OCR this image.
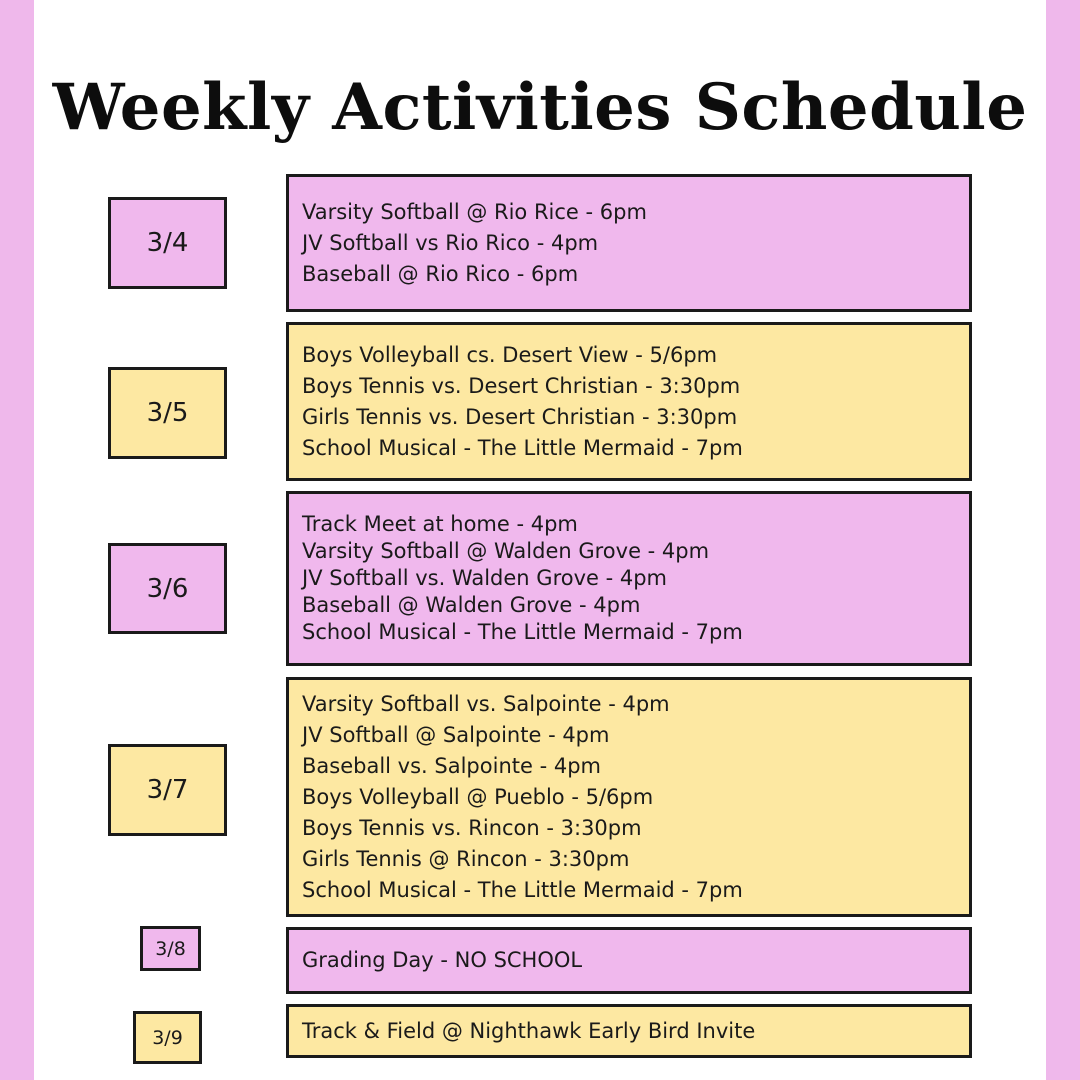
Weekly Activities Schedule
3/4
Varsity Softball @ Rio Rice - 6pm
JV Softball vs Rio Rico - 4pm
Baseball @ Rio Rico - 6pm
3/5
Boys Volleyball cs. Desert View - 5/6pm
Boys Tennis vs. Desert Christian - 3:30pm
Girls Tennis vs. Desert Christian - 3:30pm
School Musical - The Little Mermaid - 7pm
3/6
Track Meet at home - 4pm
Varsity Softball @ Walden Grove - 4pm
JV Softball vs. Walden Grove - 4pm
Baseball @ Walden Grove - 4pm
School Musical - The Little Mermaid - 7pm
3/7
Varsity Softball vs. Salpointe - 4pm
JV Softball @ Salpointe - 4pm
Baseball vs. Salpointe - 4pm
Boys Volleyball @ Pueblo - 5/6pm
Boys Tennis vs. Rincon - 3:30pm
Girls Tennis @ Rincon - 3:30pm
School Musical - The Little Mermaid - 7pm
3/8	Grading Day - NO SCHOOL
3/9	Track & Field @ Nighthawk Early Bird Invite
